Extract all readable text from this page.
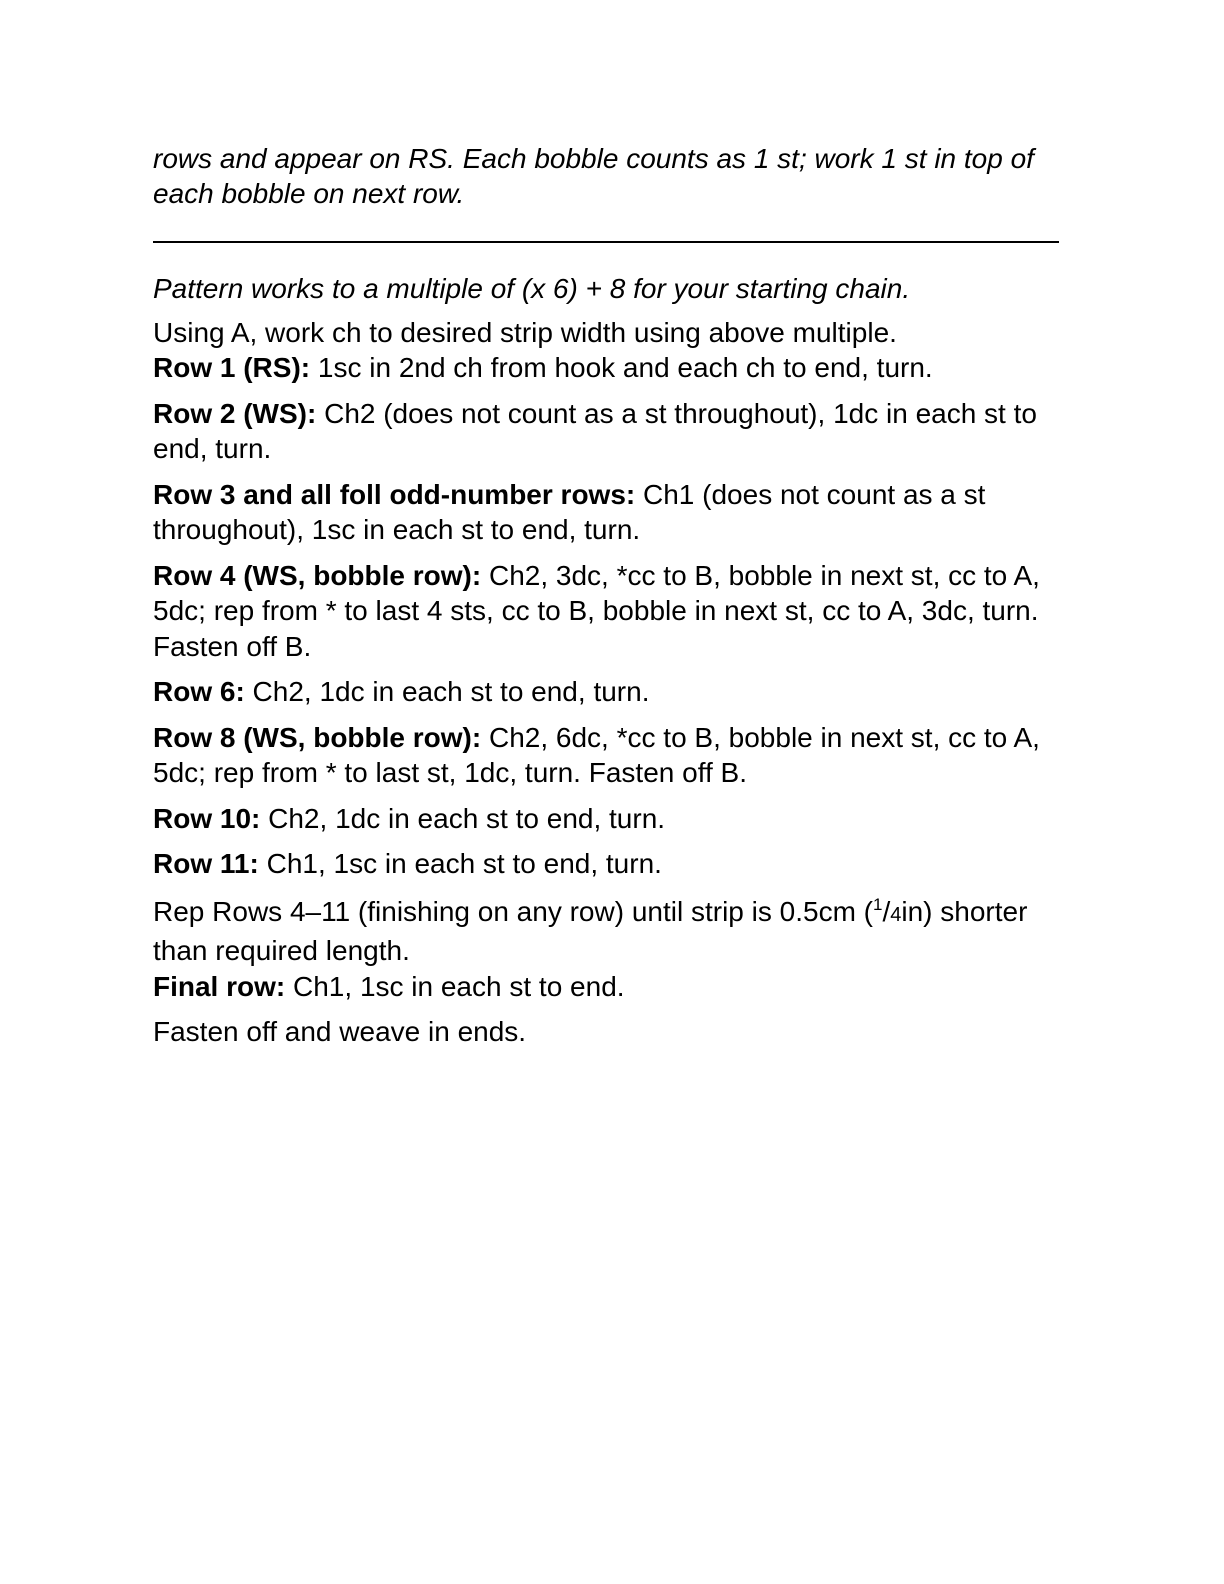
rows and appear on RS. Each bobble counts as 1 st; work 1 st in top of each bobble on next row.

Pattern works to a multiple of (x 6) + 8 for your starting chain.

Using A, work ch to desired strip width using above multiple.

Row 1 (RS): 1sc in 2nd ch from hook and each ch to end, turn.

Row 2 (WS): Ch2 (does not count as a st throughout), 1dc in each st to end, turn.

Row 3 and all foll odd-number rows: Ch1 (does not count as a st throughout), 1sc in each st to end, turn.

Row 4 (WS, bobble row): Ch2, 3dc, *cc to B, bobble in next st, cc to A, 5dc; rep from * to last 4 sts, cc to B, bobble in next st, cc to A, 3dc, turn. Fasten off B.

Row 6: Ch2, 1dc in each st to end, turn.

Row 8 (WS, bobble row): Ch2, 6dc, *cc to B, bobble in next st, cc to A, 5dc; rep from * to last st, 1dc, turn. Fasten off B.

Row 10: Ch2, 1dc in each st to end, turn.

Row 11: Ch1, 1sc in each st to end, turn.

Rep Rows 4–11 (finishing on any row) until strip is 0.5cm ($^1$/4in) shorter than required length.

Final row: Ch1, 1sc in each st to end.

Fasten off and weave in ends.
